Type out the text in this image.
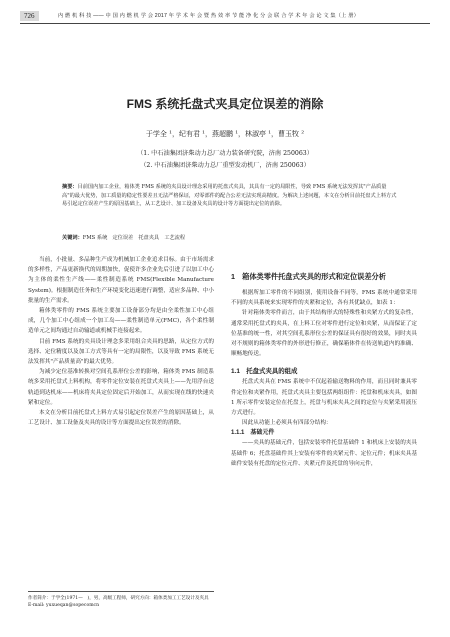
726	内 燃 机 科 技 —— 中 国 内 燃 机 学 会 2017 年 学 术 年 会 暨 热 效 率 节 能 净 化 分 会 联 合 学 术 年 会 论 文 集（上 册）
FMS 系统托盘式夹具定位误差的消除
于学全 ¹，纪有君 ¹，燕超鹏 ¹，林淑亭 ¹，曹玉牧 ²
（1. 中石油集团济柴动力总厂动力装备研究院，济南 250063）
（2. 中石油集团济柴动力总厂重型发动机厂，济南 250063）
摘要：目前国内加工企业，箱体类 FMS 系统的夹具设计理念采用的托盘式夹具，其具有一定的局限性，导致 FMS 系统无法发挥其"产品质量高"的最大优势，加工质量的稳定性要差且无法严格保证，对零部件的配合公差无法实现高精度。为解决上述问题，本文在分析目前托盘式上料方式易引起定位误差产生的原因基础上，从工艺设计、加工设备及夹具的设计等方面提出定位的消除。
关键词：FMS 系统　定位误差　托盘夹具　工艺流程

当前，小批量、多品种生产成为机械加工企业追求目标。由于市场需求的多样性，产品更新换代的周期加快，促使许多企业先后引进了以加工中心为主体的柔性生产线——柔性制造系统 FMS(Flexible Manufacture System)。根据制造任务和生产环境变化迅速进行调整，适应多品种、中小批量的生产需求。

箱体类零件的 FMS 系统主要加工设备部分均是由全柔性加工中心组成，几个加工中心组成一个加工岛——柔性制造单元(FMC)，各个柔性制造单元之间均通过自动输道或机械手连接起来。

目前 FMS 系统的夹具设计理念多采用组合夹具的思路，从定位方式的选择、定位精度以及加工方式等具有一定的局限性，以及导致 FMS 系统无法发挥其"产品质量高"的最大优势。

为减少定位基准转换对空间孔系形位公差的影响，箱体类 FMS 制造系统多采用托盘式上料机构，将零件定位安装在托盘式夹具上——先用浮台送轨道到达机床——机床将夹具定位固定后开始加工，从而实现在线的快速夹紧和定位。

本文在分析目前托盘式上料方式易引起定位误差产生的原因基础上，从工艺设计、加工设备及夹具的设计等方面提出定位误差的消除。

1　箱体类零件托盘式夹具的形式和定位误差分析

根据所加工零件的不同组别，使用设备不同等，FMS 系统中通常采用不同的夹具系统来实现零件的夹紧和定位，各有其优缺点，如表 1：

针对箱体类零件而言，由于其结构形式的特殊性和夹紧方式的复杂性，通常采用托盘式的夹具，在上料工位对零件进行定位和夹紧，从而保证了定位基准的统一性，对其空间孔系形位公差的保证具有很好的效果，同时夹具对不规则的箱体类零件的外形进行修正，确保箱体件在传送轨道内的准确、顺畅地传送。

1.1　托盘式夹具的组成

托盘式夹具在 FMS 系统中不仅起着输送物料的作用，而且同时兼具零件定位和夹紧作用，托盘式夹具主要包括两组组件：托盘和机床夹具，如图 1 所示零件安装定位在托盘上，托盘与机床夹具之间的定位与夹紧采用液压方式进行。

因此从功能上必须具有四部分结构：

1.1.1　基础元件

——夹具的基础元件，包括安装零件托盘基础件 1 和机床上安装的夹具基础件 6；托盘基础件其上安装有零件的夹紧元件、定位元件；机床夹具基础件安装有托盘的定位元件、夹紧元件及托盘的导向元件，

作者简介：于学全(1971—　)，男，高级工程师，研究方向：箱体类加工工艺设计及夹具
E-mail: yuxueqan@sopecomcn
